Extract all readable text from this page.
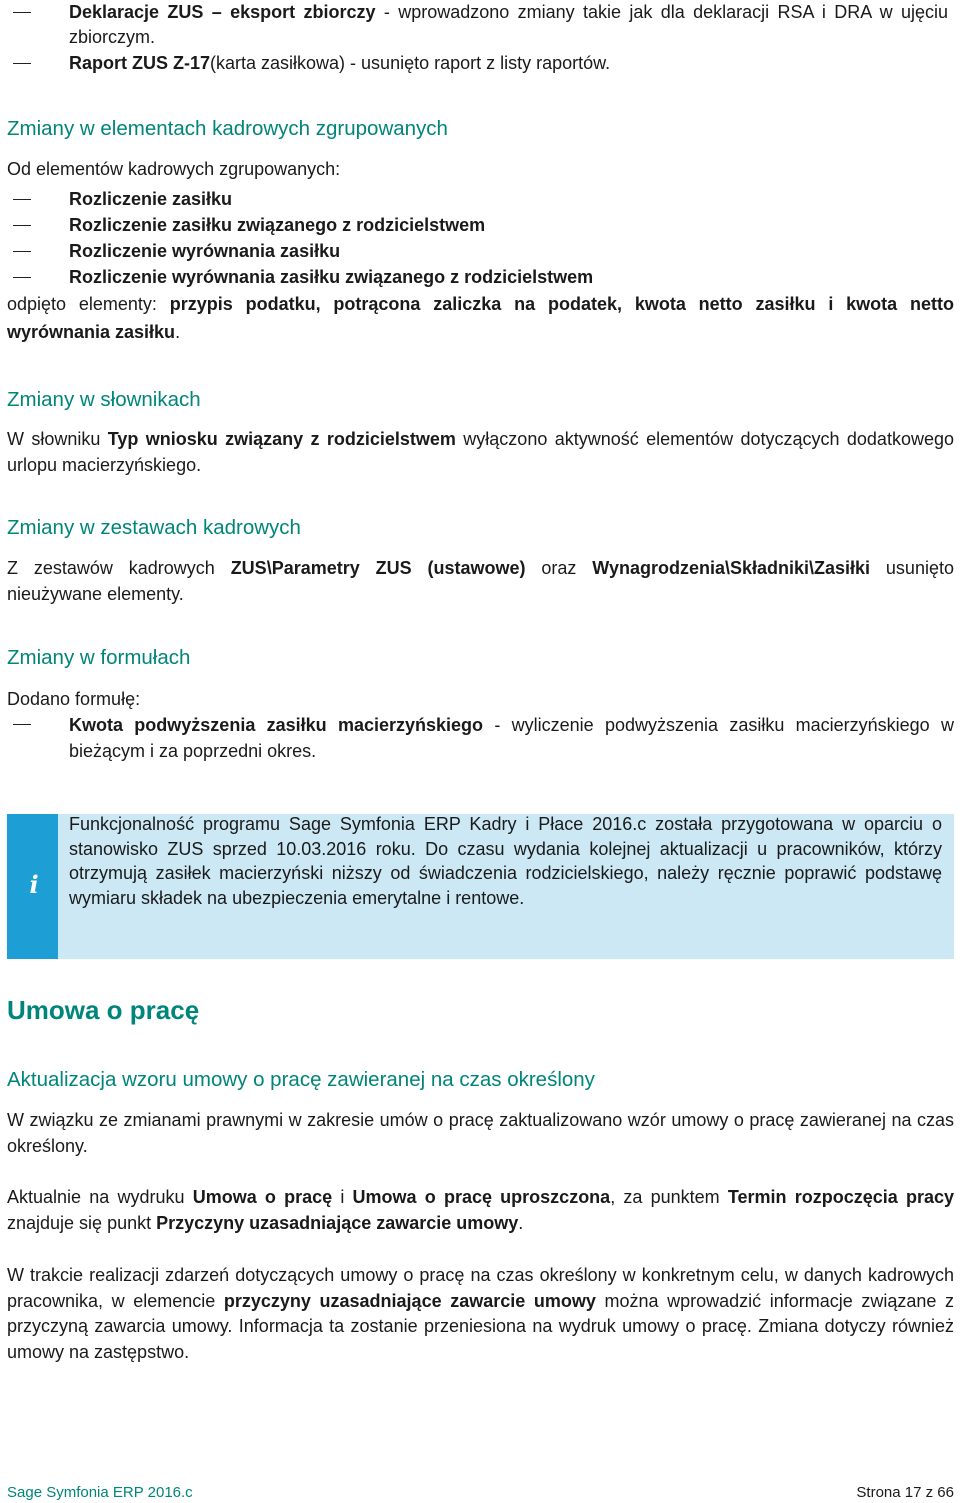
Deklaracje ZUS – eksport zbiorczy - wprowadzono zmiany takie jak dla deklaracji RSA i DRA w ujęciu zbiorczym.
Raport ZUS Z-17(karta zasiłkowa) - usunięto raport z listy raportów.
Zmiany w elementach kadrowych zgrupowanych
Od elementów kadrowych zgrupowanych:
Rozliczenie zasiłku
Rozliczenie zasiłku związanego z rodzicielstwem
Rozliczenie wyrównania zasiłku
Rozliczenie wyrównania zasiłku związanego z rodzicielstwem
odpięto elementy: przypis podatku, potrącona zaliczka na podatek, kwota netto zasiłku i kwota netto wyrównania zasiłku.
Zmiany w słownikach
W słowniku Typ wniosku związany z rodzicielstwem wyłączono aktywność elementów dotyczących dodatkowego urlopu macierzyńskiego.
Zmiany w zestawach kadrowych
Z zestawów kadrowych ZUS\Parametry ZUS (ustawowe) oraz Wynagrodzenia\Składniki\Zasiłki usunięto nieużywane elementy.
Zmiany w formułach
Dodano formułę:
Kwota podwyższenia zasiłku macierzyńskiego - wyliczenie podwyższenia zasiłku macierzyńskiego w bieżącym i za poprzedni okres.
i
Funkcjonalność programu Sage Symfonia ERP Kadry i Płace 2016.c została przygotowana w oparciu o stanowisko ZUS sprzed 10.03.2016 roku. Do czasu wydania kolejnej aktualizacji u pracowników, którzy otrzymują zasiłek macierzyński niższy od świadczenia rodzicielskiego, należy ręcznie poprawić podstawę wymiaru składek na ubezpieczenia emerytalne i rentowe.
Umowa o pracę
Aktualizacja wzoru umowy o pracę zawieranej na czas określony
W związku ze zmianami prawnymi w zakresie umów o pracę zaktualizowano wzór umowy o pracę zawieranej na czas określony.
Aktualnie na wydruku Umowa o pracę i Umowa o pracę uproszczona, za punktem Termin rozpoczęcia pracy znajduje się punkt Przyczyny uzasadniające zawarcie umowy.
W trakcie realizacji zdarzeń dotyczących umowy o pracę na czas określony w konkretnym celu, w danych kadrowych pracownika, w elemencie przyczyny uzasadniające zawarcie umowy można wprowadzić informacje związane z przyczyną zawarcia umowy. Informacja ta zostanie przeniesiona na wydruk umowy o pracę. Zmiana dotyczy również umowy na zastępstwo.
Sage Symfonia ERP 2016.c	Strona 17 z 66
